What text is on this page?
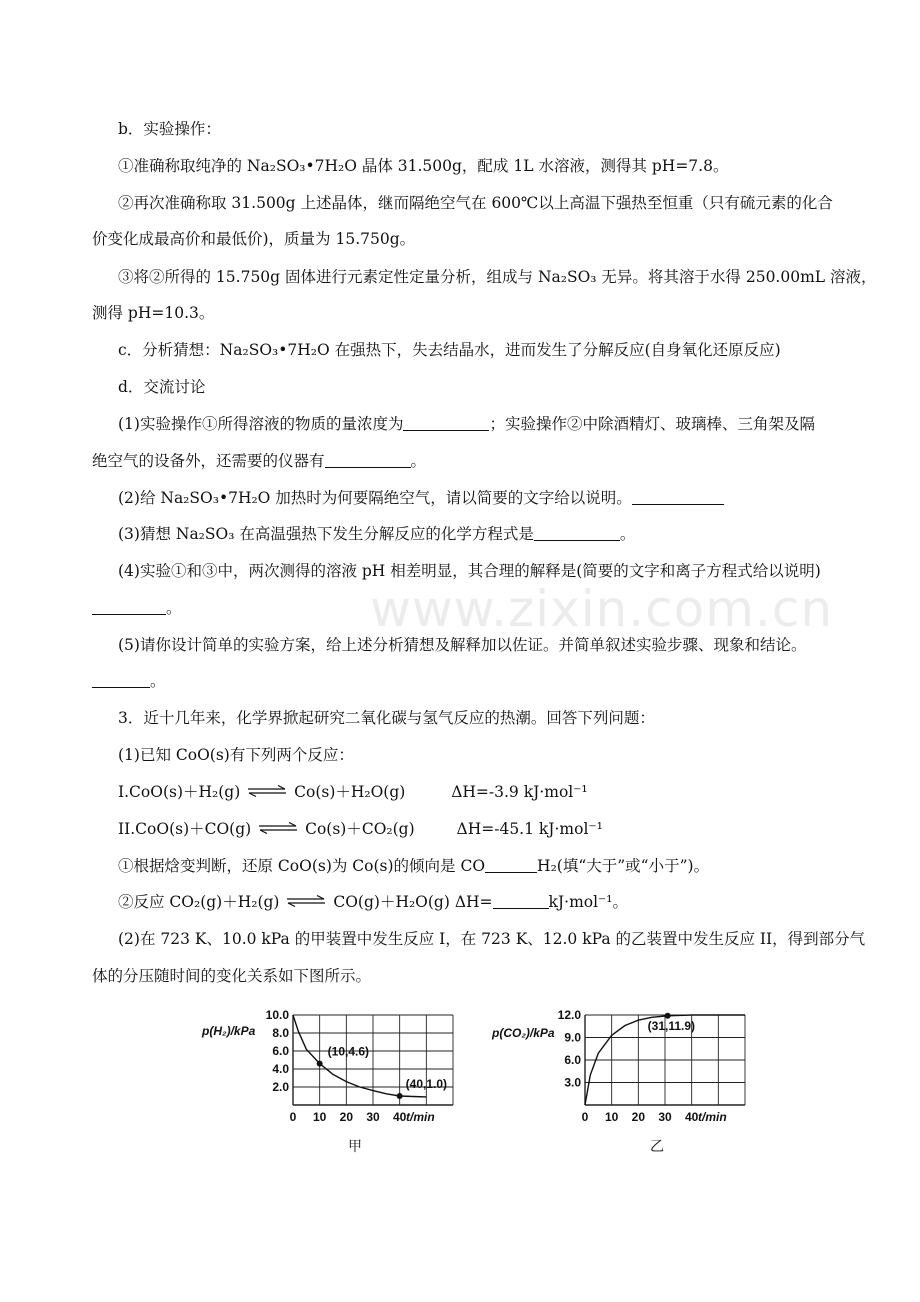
www.zixin.com.cn
b．实验操作：
①准确称取纯净的 Na₂SO₃•7H₂O 晶体 31.500g，配成 1L 水溶液，测得其 pH=7.8。
②再次准确称取 31.500g 上述晶体，继而隔绝空气在 600℃以上高温下强热至恒重（只有硫元素的化合
价变化成最高价和最低价)，质量为 15.750g。
③将②所得的 15.750g 固体进行元素定性定量分析，组成与 Na₂SO₃ 无异。将其溶于水得 250.00mL 溶液，
测得 pH=10.3。
c．分析猜想：Na₂SO₃•7H₂O 在强热下，失去结晶水，进而发生了分解反应(自身氧化还原反应)
d．交流讨论
(1)实验操作①所得溶液的物质的量浓度为	；实验操作②中除酒精灯、玻璃棒、三角架及隔
绝空气的设备外，还需要的仪器有	。
(2)给 Na₂SO₃•7H₂O 加热时为何要隔绝空气，请以简要的文字给以说明。
(3)猜想 Na₂SO₃ 在高温强热下发生分解反应的化学方程式是	。
(4)实验①和③中，两次测得的溶液 pH 相差明显，其合理的解释是(简要的文字和离子方程式给以说明)
。
(5)请你设计简单的实验方案，给上述分析猜想及解释加以佐证。并简单叙述实验步骤、现象和结论。
。
3．近十几年来，化学界掀起研究二氧化碳与氢气反应的热潮。回答下列问题：
(1)已知 CoO(s)有下列两个反应：
I.CoO(s)＋H₂(g) ⇌ Co(s)＋H₂O(g)	ΔH=-3.9 kJ·mol⁻¹
II.CoO(s)＋CO(g) ⇌ Co(s)＋CO₂(g)	ΔH=-45.1 kJ·mol⁻¹
①根据焓变判断，还原 CoO(s)为 Co(s)的倾向是 CO	H₂(填“大于”或“小于”)。
②反应 CO₂(g)＋H₂(g) ⇌ CO(g)＋H₂O(g) ΔH=	kJ·mol⁻¹。
(2)在 723 K、10.0 kPa 的甲装置中发生反应 I，在 723 K、12.0 kPa 的乙装置中发生反应 II，得到部分气
体的分压随时间的变化关系如下图所示。
0 10 20 30 40
2.0
4.0
6.0
8.0
10.0
p(H₂)/kPa
t/min
(10,4.6)
(40,1.0)
甲
0 10 20 30 40
3.0
6.0
9.0
12.0
p(CO₂)/kPa
t/min
(31,11.9)
乙
